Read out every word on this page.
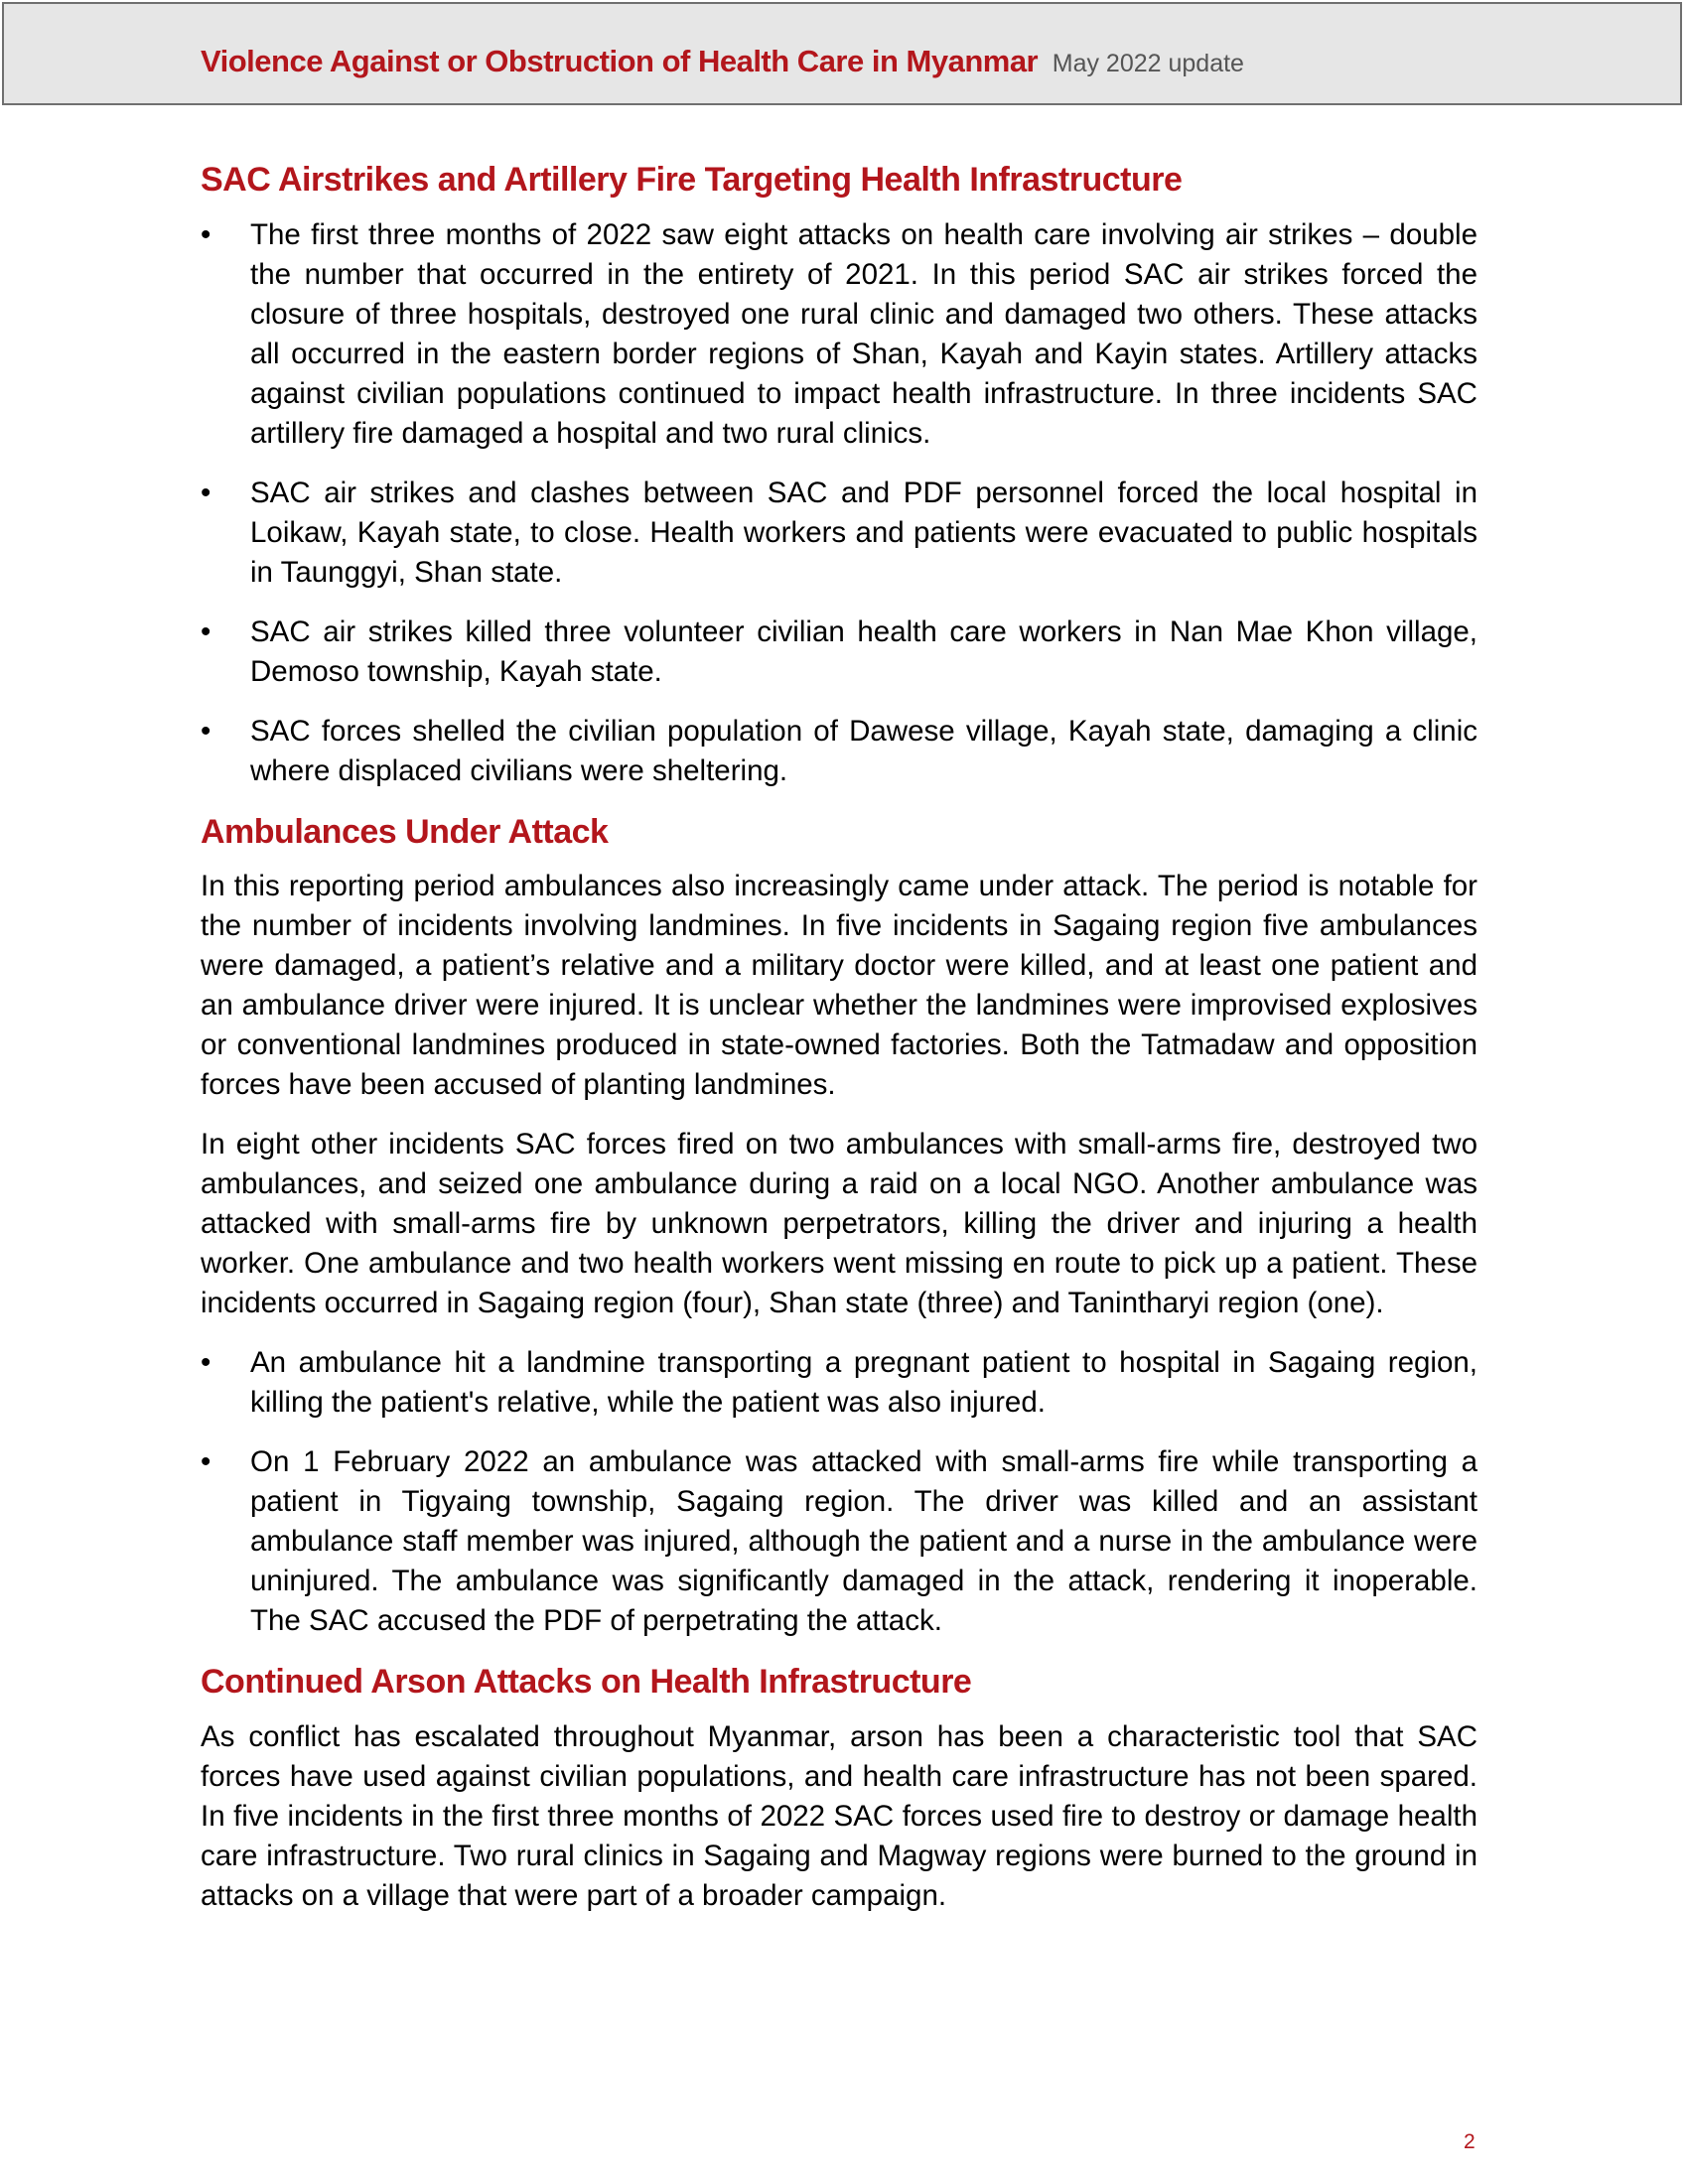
Violence Against or Obstruction of Health Care in Myanmar May 2022 update
SAC Airstrikes and Artillery Fire Targeting Health Infrastructure
• The first three months of 2022 saw eight attacks on health care involving air strikes – double the number that occurred in the entirety of 2021. In this period SAC air strikes forced the closure of three hospitals, destroyed one rural clinic and damaged two others. These attacks all occurred in the eastern border regions of Shan, Kayah and Kayin states. Artillery attacks against civilian populations continued to impact health infrastructure. In three incidents SAC artillery fire damaged a hospital and two rural clinics.
• SAC air strikes and clashes between SAC and PDF personnel forced the local hospital in Loikaw, Kayah state, to close. Health workers and patients were evacuated to public hospitals in Taunggyi, Shan state.
• SAC air strikes killed three volunteer civilian health care workers in Nan Mae Khon village, Demoso township, Kayah state.
• SAC forces shelled the civilian population of Dawese village, Kayah state, damaging a clinic where displaced civilians were sheltering.
Ambulances Under Attack

In this reporting period ambulances also increasingly came under attack. The period is notable for the number of incidents involving landmines. In five incidents in Sagaing region five ambulances were damaged, a patient’s relative and a military doctor were killed, and at least one patient and an ambulance driver were injured. It is unclear whether the landmines were improvised explosives or conventional landmines produced in state-owned factories. Both the Tatmadaw and opposition forces have been accused of planting landmines.

In eight other incidents SAC forces fired on two ambulances with small-arms fire, destroyed two ambulances, and seized one ambulance during a raid on a local NGO. Another ambulance was attacked with small-arms fire by unknown perpetrators, killing the driver and injuring a health worker. One ambulance and two health workers went missing en route to pick up a patient. These incidents occurred in Sagaing region (four), Shan state (three) and Tanintharyi region (one).

• An ambulance hit a landmine transporting a pregnant patient to hospital in Sagaing region, killing the patient's relative, while the patient was also injured.
• On 1 February 2022 an ambulance was attacked with small-arms fire while transporting a patient in Tigyaing township, Sagaing region. The driver was killed and an assistant ambulance staff member was injured, although the patient and a nurse in the ambulance were uninjured. The ambulance was significantly damaged in the attack, rendering it inoperable. The SAC accused the PDF of perpetrating the attack.
Continued Arson Attacks on Health Infrastructure

As conflict has escalated throughout Myanmar, arson has been a characteristic tool that SAC forces have used against civilian populations, and health care infrastructure has not been spared. In five incidents in the first three months of 2022 SAC forces used fire to destroy or damage health care infrastructure. Two rural clinics in Sagaing and Magway regions were burned to the ground in attacks on a village that were part of a broader campaign.

2
